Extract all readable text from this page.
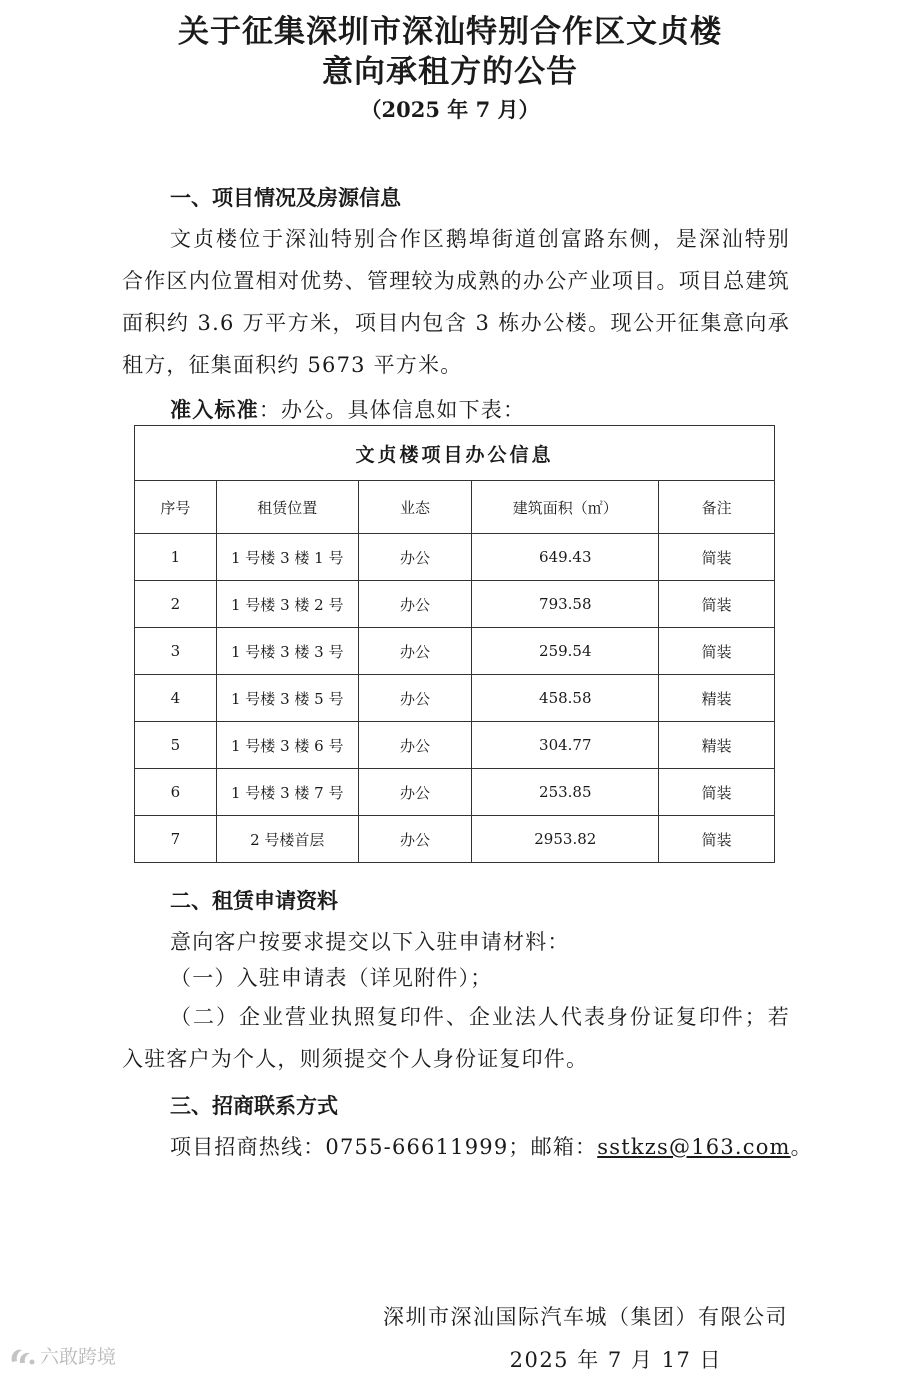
关于征集深圳市深汕特别合作区文贞楼
意向承租方的公告
（2025 年 7 月）
一、项目情况及房源信息
文贞楼位于深汕特别合作区鹅埠街道创富路东侧，是深汕特别合作区内位置相对优势、管理较为成熟的办公产业项目。项目总建筑面积约 3.6 万平方米，项目内包含 3 栋办公楼。现公开征集意向承租方，征集面积约 5673 平方米。
准入标准：办公。具体信息如下表：
文贞楼项目办公信息				
序号	租赁位置	业态	建筑面积（㎡）	备注
1	1 号楼 3 楼 1 号	办公	649.43	简装
2	1 号楼 3 楼 2 号	办公	793.58	简装
3	1 号楼 3 楼 3 号	办公	259.54	简装
4	1 号楼 3 楼 5 号	办公	458.58	精装
5	1 号楼 3 楼 6 号	办公	304.77	精装
6	1 号楼 3 楼 7 号	办公	253.85	简装
7	2 号楼首层	办公	2953.82	简装
二、租赁申请资料
意向客户按要求提交以下入驻申请材料：
（一）入驻申请表（详见附件）；
（二）企业营业执照复印件、企业法人代表身份证复印件；若入驻客户为个人，则须提交个人身份证复印件。
三、招商联系方式
项目招商热线：0755-66611999；邮箱：sstkzs@163.com。
深圳市深汕国际汽车城（集团）有限公司
2025 年 7 月 17 日
六敢跨境
